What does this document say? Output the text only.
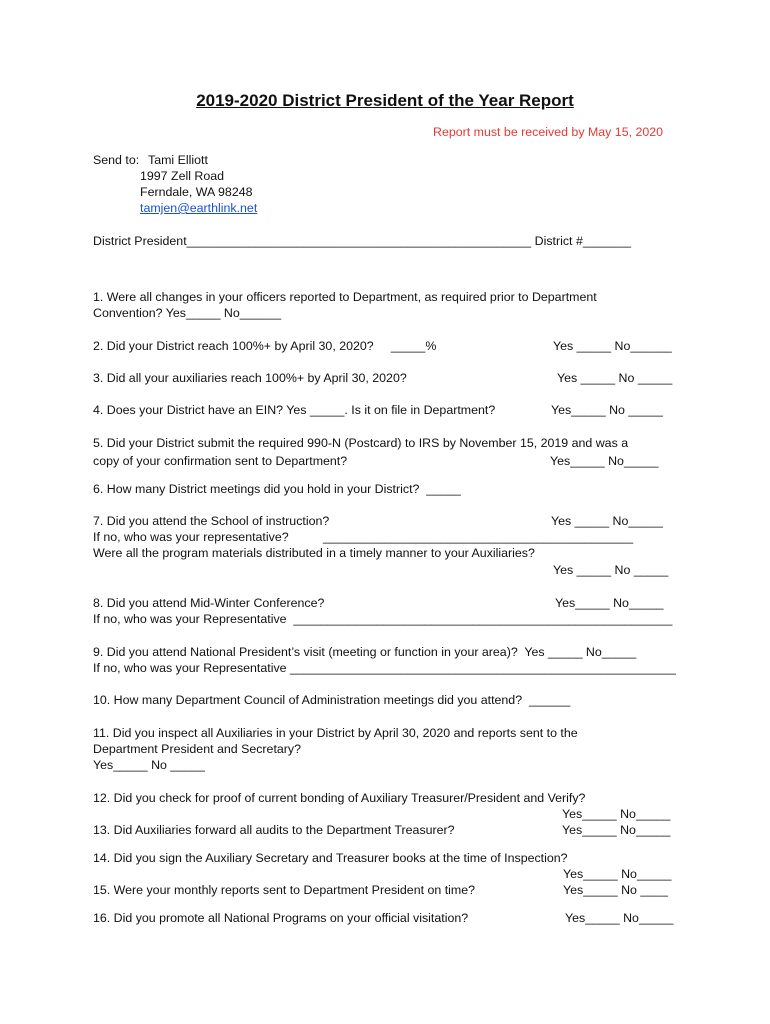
2019-2020 District President of the Year Report
Report must be received by May 15, 2020
Send to: Tami Elliott
1997 Zell Road
Ferndale, WA 98248
tamjen@earthlink.net
District President__________________________________________________ District #_______
1. Were all changes in your officers reported to Department, as required prior to Department
Convention? Yes_____ No______
2. Did your District reach 100%+ by April 30, 2020?     _____%	Yes _____ No______
3. Did all your auxiliaries reach 100%+ by April 30, 2020?	Yes _____ No _____
4. Does your District have an EIN? Yes _____. Is it on file in Department?	Yes_____ No _____
5. Did your District submit the required 990-N (Postcard) to IRS by November 15, 2019 and was a
copy of your confirmation sent to Department?	Yes_____ No_____
6. How many District meetings did you hold in your District?  _____
7. Did you attend the School of instruction?	Yes _____ No_____
If no, who was your representative?          _____________________________________________
Were all the program materials distributed in a timely manner to your Auxiliaries?
Yes _____ No _____
8. Did you attend Mid-Winter Conference?	Yes_____ No_____
If no, who was your Representative  _______________________________________________________
9. Did you attend National President’s visit (meeting or function in your area)?  Yes _____ No_____
If no, who was your Representative ________________________________________________________
10. How many Department Council of Administration meetings did you attend?  ______
11. Did you inspect all Auxiliaries in your District by April 30, 2020 and reports sent to the
Department President and Secretary?
Yes_____ No _____
12. Did you check for proof of current bonding of Auxiliary Treasurer/President and Verify?
Yes_____ No_____
13. Did Auxiliaries forward all audits to the Department Treasurer?	Yes_____ No_____
14. Did you sign the Auxiliary Secretary and Treasurer books at the time of Inspection?
Yes_____ No_____
15. Were your monthly reports sent to Department President on time?	Yes_____ No ____
16. Did you promote all National Programs on your official visitation?	Yes_____ No_____
